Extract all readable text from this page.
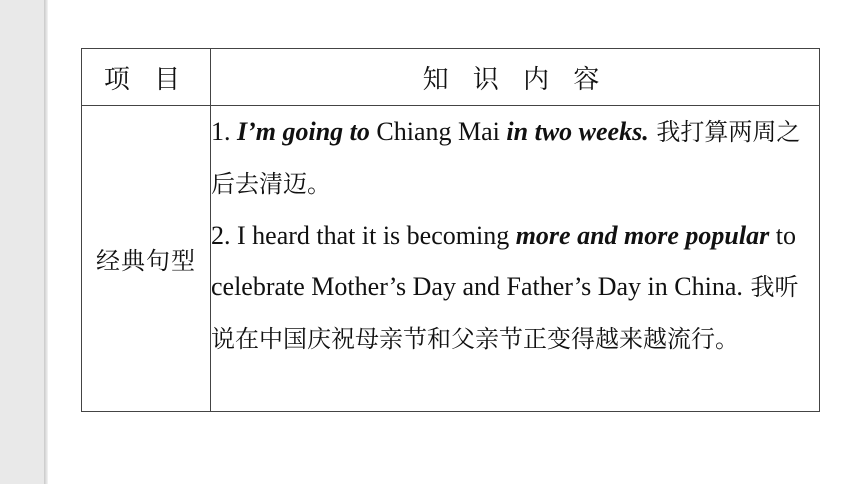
项 目	知 识 内 容
经典句型	1. I’m going to Chiang Mai in two weeks. 我打算两周之后去清迈。
2. I heard that it is becoming more and more popular to celebrate Mother’s Day and Father’s Day in China. 我听说在中国庆祝母亲节和父亲节正变得越来越流行。
